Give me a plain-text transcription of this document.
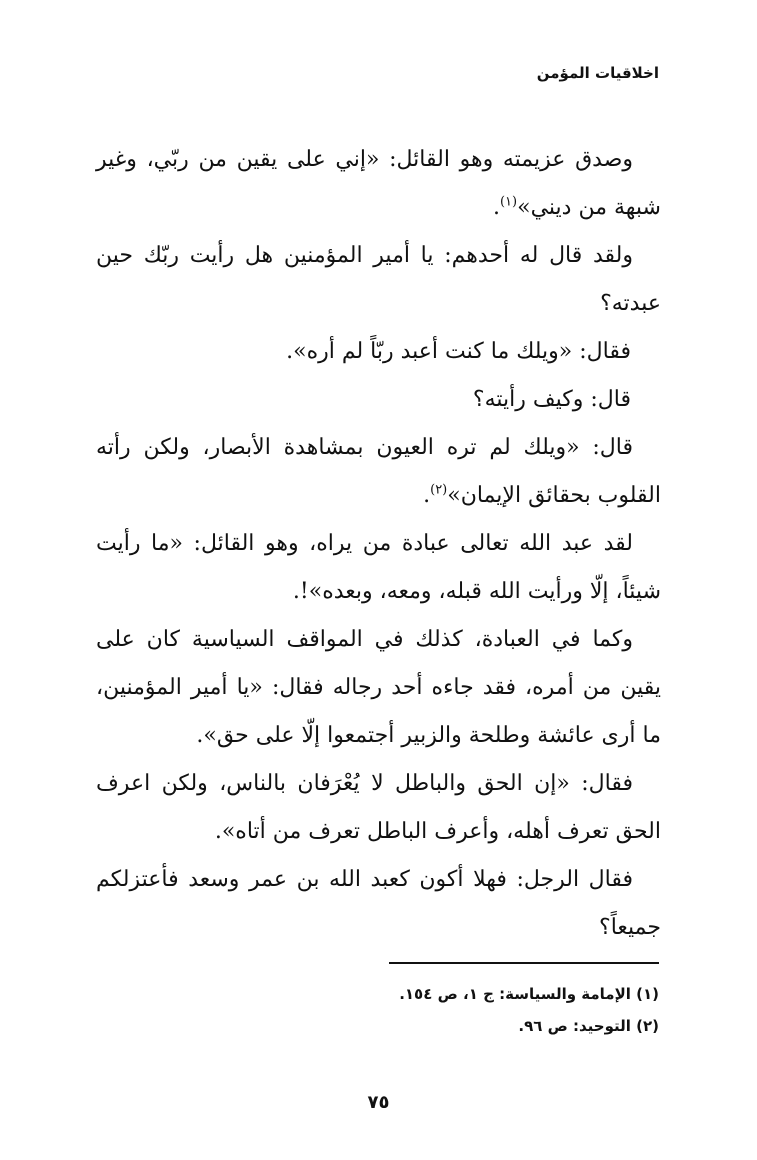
اخلاقيات المؤمن

وصدق عزيمته وهو القائل: «إني على يقين من ربّي، وغير شبهة من ديني»$^{(١)}$.

ولقد قال له أحدهم: يا أمير المؤمنين هل رأيت ربّك حين عبدته؟

فقال: «ويلك ما كنت أعبد ربّاً لم أره».

قال: وكيف رأيته؟

قال: «ويلك لم تره العيون بمشاهدة الأبصار، ولكن رأته القلوب بحقائق الإيمان»$^{(٢)}$.

لقد عبد الله تعالى عبادة من يراه، وهو القائل: «ما رأيت شيئاً، إلّا ورأيت الله قبله، ومعه، وبعده»!.

وكما في العبادة، كذلك في المواقف السياسية كان على يقين من أمره، فقد جاءه أحد رجاله فقال: «يا أمير المؤمنين، ما أرى عائشة وطلحة والزبير أجتمعوا إلّا على حق».

فقال: «إن الحق والباطل لا يُعْرَفان بالناس، ولكن اعرف الحق تعرف أهله، وأعرف الباطل تعرف من أتاه».

فقال الرجل: فهلا أكون كعبد الله بن عمر وسعد فأعتزلكم جميعاً؟

(١) الإمامة والسياسة: ج ١، ص ١٥٤.
(٢) التوحيد: ص ٩٦.
٧٥
